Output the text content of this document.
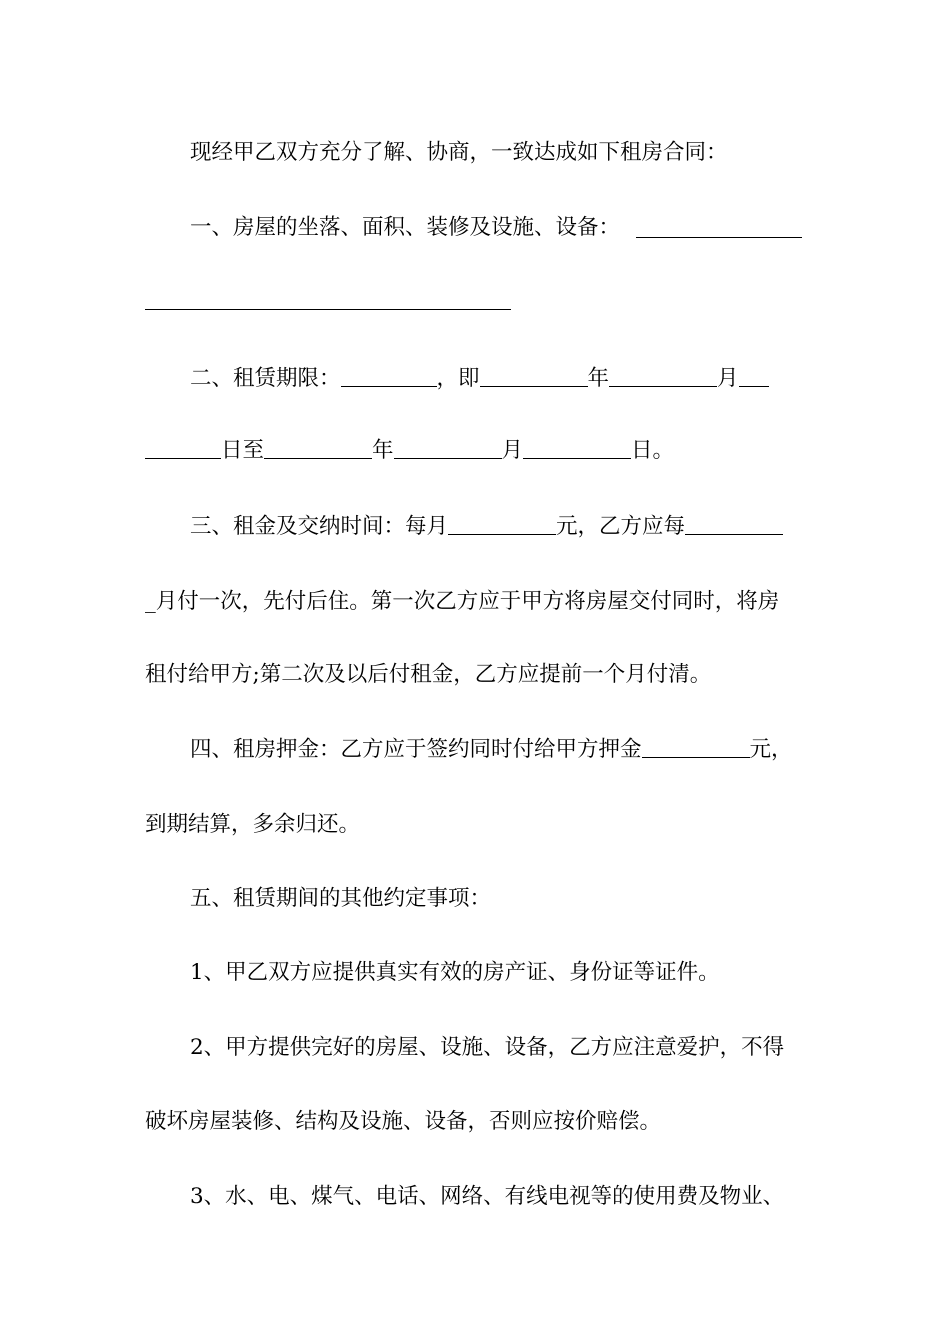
现经甲乙双方充分了解、协商，一致达成如下租房合同：
一、房屋的坐落、面积、装修及设施、设备：
二、租赁期限：	，即	年	月
日至	年	月	日。
三、租金及交纳时间：每月	元，乙方应每
_月付一次，先付后住。第一次乙方应于甲方将房屋交付同时，将房
租付给甲方;第二次及以后付租金，乙方应提前一个月付清。
四、租房押金：乙方应于签约同时付给甲方押金	元，
到期结算，多余归还。
五、租赁期间的其他约定事项：
1、甲乙双方应提供真实有效的房产证、身份证等证件。
2、甲方提供完好的房屋、设施、设备，乙方应注意爱护，不得
破坏房屋装修、结构及设施、设备，否则应按价赔偿。
3、水、电、煤气、电话、网络、有线电视等的使用费及物业、
